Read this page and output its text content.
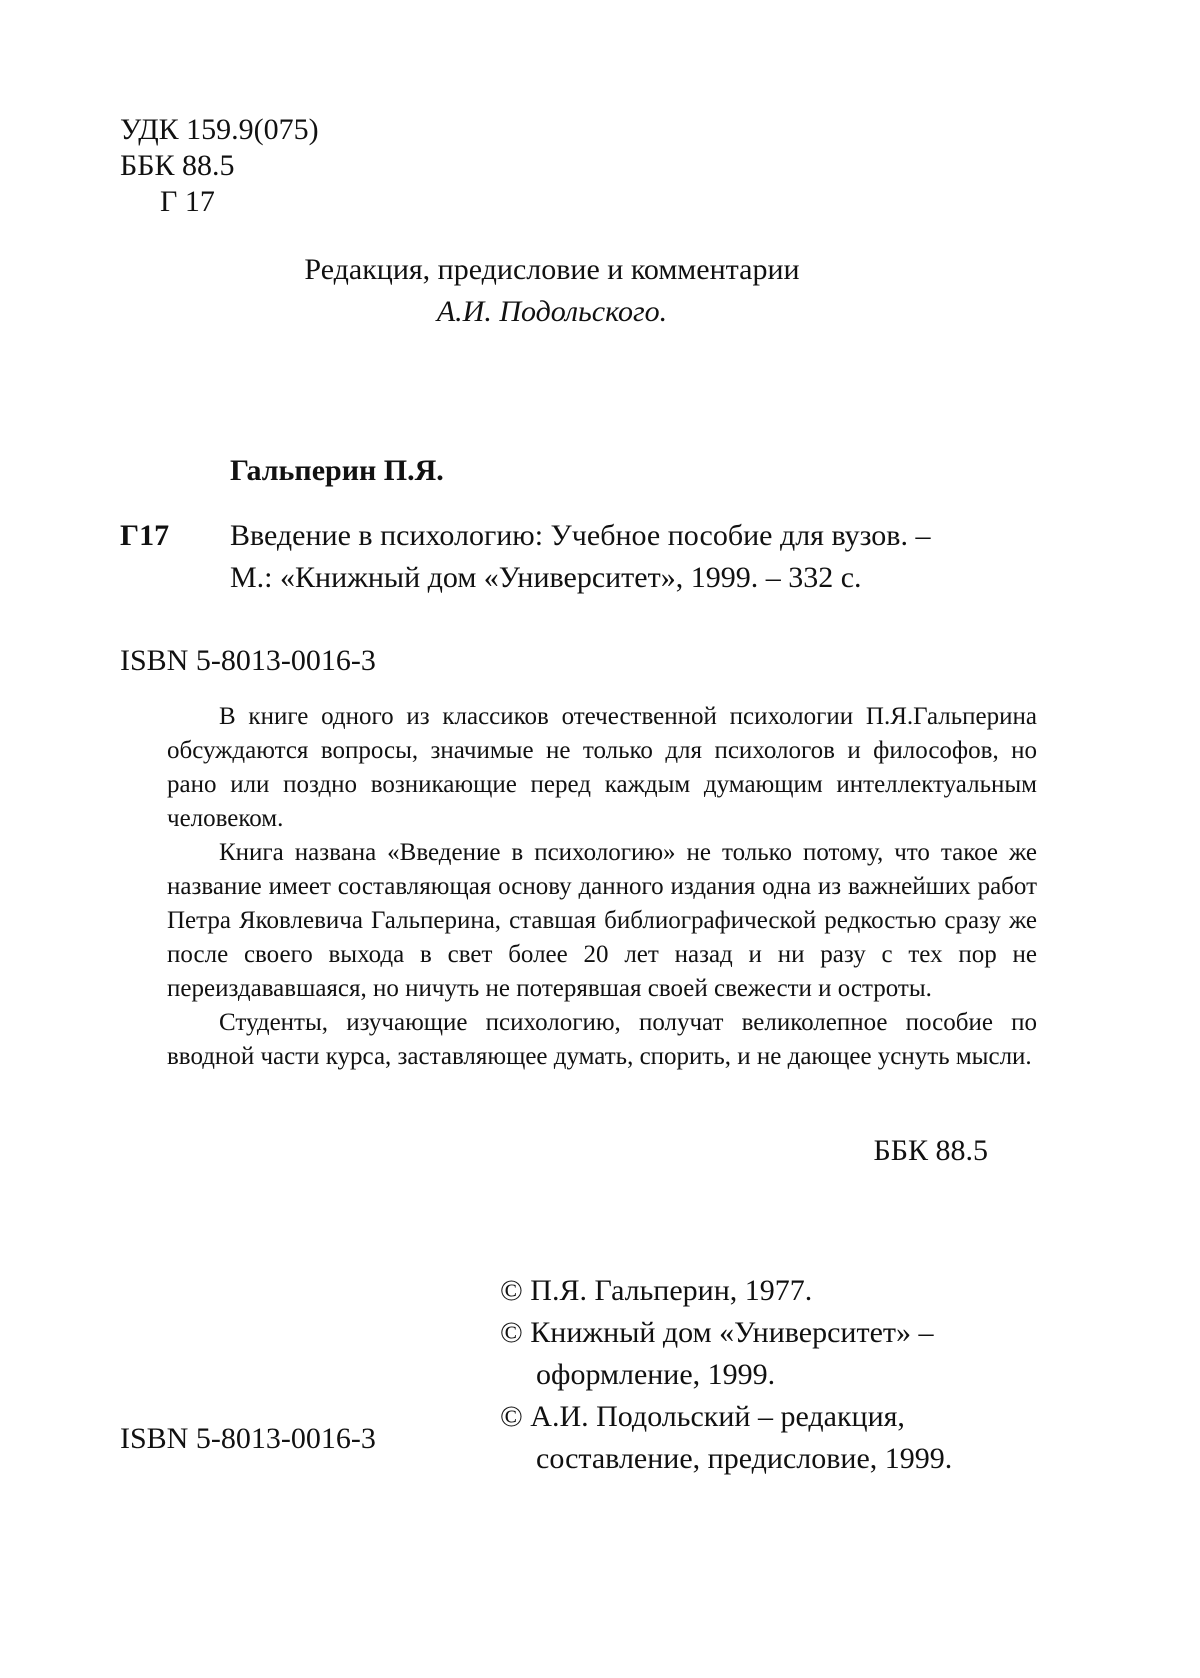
УДК 159.9(075)
ББК 88.5
Г 17
Редакция, предисловие и комментарии
А.И. Подольского.
Гальперин П.Я.
Г17 Введение в психологию: Учебное пособие для вузов. –
М.: «Книжный дом «Университет», 1999. – 332 с.
ISBN 5-8013-0016-3

В книге одного из классиков отечественной психологии П.Я.Гальперина обсуждаются вопросы, значимые не только для психологов и философов, но рано или поздно возникающие перед каждым думающим интеллектуальным человеком.

Книга названа «Введение в психологию» не только потому, что такое же название имеет составляющая основу данного издания одна из важнейших работ Петра Яковлевича Гальперина, ставшая библиографической редкостью сразу же после своего выхода в свет более 20 лет назад и ни разу с тех пор не переиздававшаяся, но ничуть не потерявшая своей свежести и остроты.

Студенты, изучающие психологию, получат великолепное пособие по вводной части курса, заставляющее думать, спорить, и не дающее уснуть мысли.

ББК 88.5
© П.Я. Гальперин, 1977.
© Книжный дом «Университет» –
оформление, 1999.
© А.И. Подольский – редакция,
составление, предисловие, 1999.
ISBN 5-8013-0016-3
